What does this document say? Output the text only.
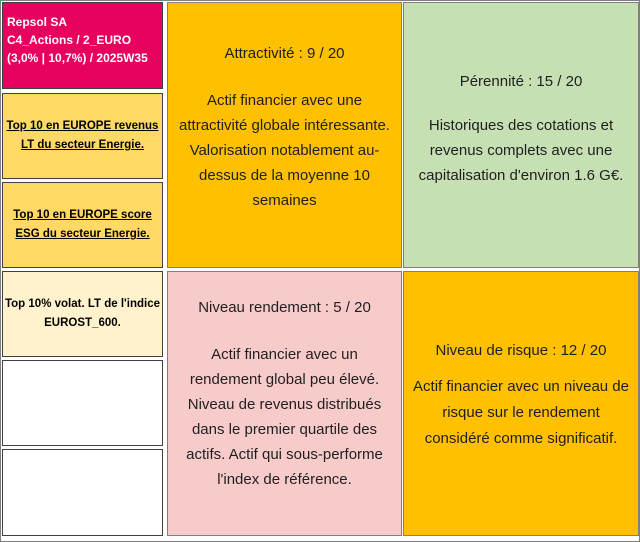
Repsol SA
C4_Actions / 2_EURO
(3,0% | 10,7%) / 2025W35
Top 10 en EUROPE revenus LT du secteur Energie.
Top 10 en EUROPE score ESG du secteur Energie.
Top 10% volat. LT de l'indice EUROST_600.
Attractivité : 9 / 20
Actif financier avec une attractivité globale intéressante. Valorisation notablement au-dessus de la moyenne 10 semaines
Pérennité : 15 / 20
Historiques des cotations et revenus complets avec une capitalisation d'environ 1.6 G€.
Niveau rendement : 5 / 20
Actif financier avec un rendement global peu élevé. Niveau de revenus distribués dans le premier quartile des actifs. Actif qui sous-performe l'index de référence.
Niveau de risque : 12 / 20
Actif financier avec un niveau de risque sur le rendement considéré comme significatif.
